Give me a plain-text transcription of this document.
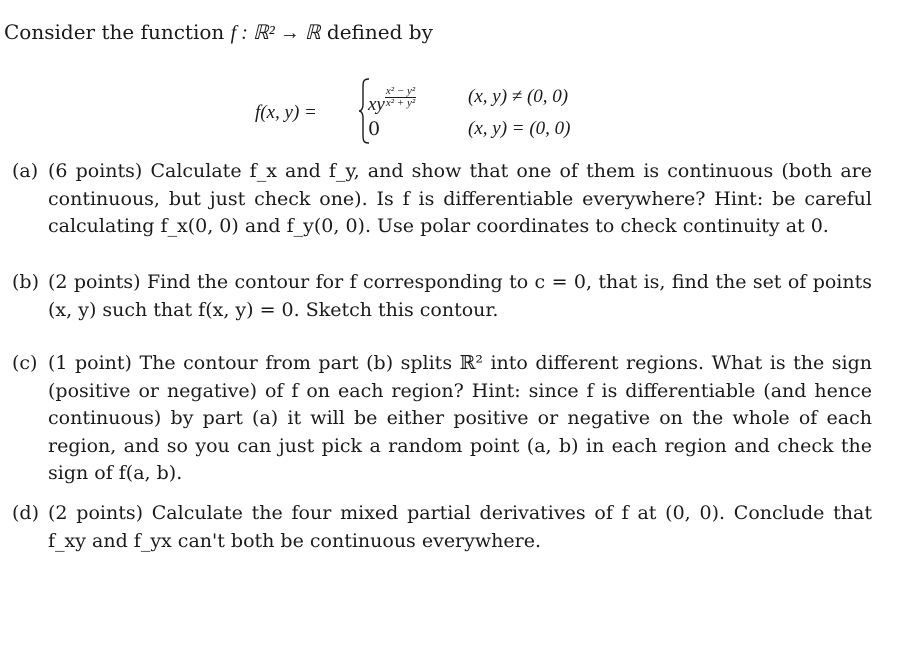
Consider the function f : ℝ² → ℝ defined by
f(x, y) =	xy $\frac{\text{x² − y²}}{\text{x² + y²}}$	(x, y) ≠ (0, 0)
0	(x, y) = (0, 0)
(a) (6 points) Calculate f_x and f_y, and show that one of them is continuous (both are continuous, but just check one). Is f is differentiable everywhere? Hint: be careful calculating f_x(0, 0) and f_y(0, 0). Use polar coordinates to check continuity at 0.
(b) (2 points) Find the contour for f corresponding to c = 0, that is, find the set of points (x, y) such that f(x, y) = 0. Sketch this contour.
(c) (1 point) The contour from part (b) splits ℝ² into different regions. What is the sign (positive or negative) of f on each region? Hint: since f is differentiable (and hence continuous) by part (a) it will be either positive or negative on the whole of each region, and so you can just pick a random point (a, b) in each region and check the sign of f(a, b).
(d) (2 points) Calculate the four mixed partial derivatives of f at (0, 0). Conclude that f_xy and f_yx can't both be continuous everywhere.
